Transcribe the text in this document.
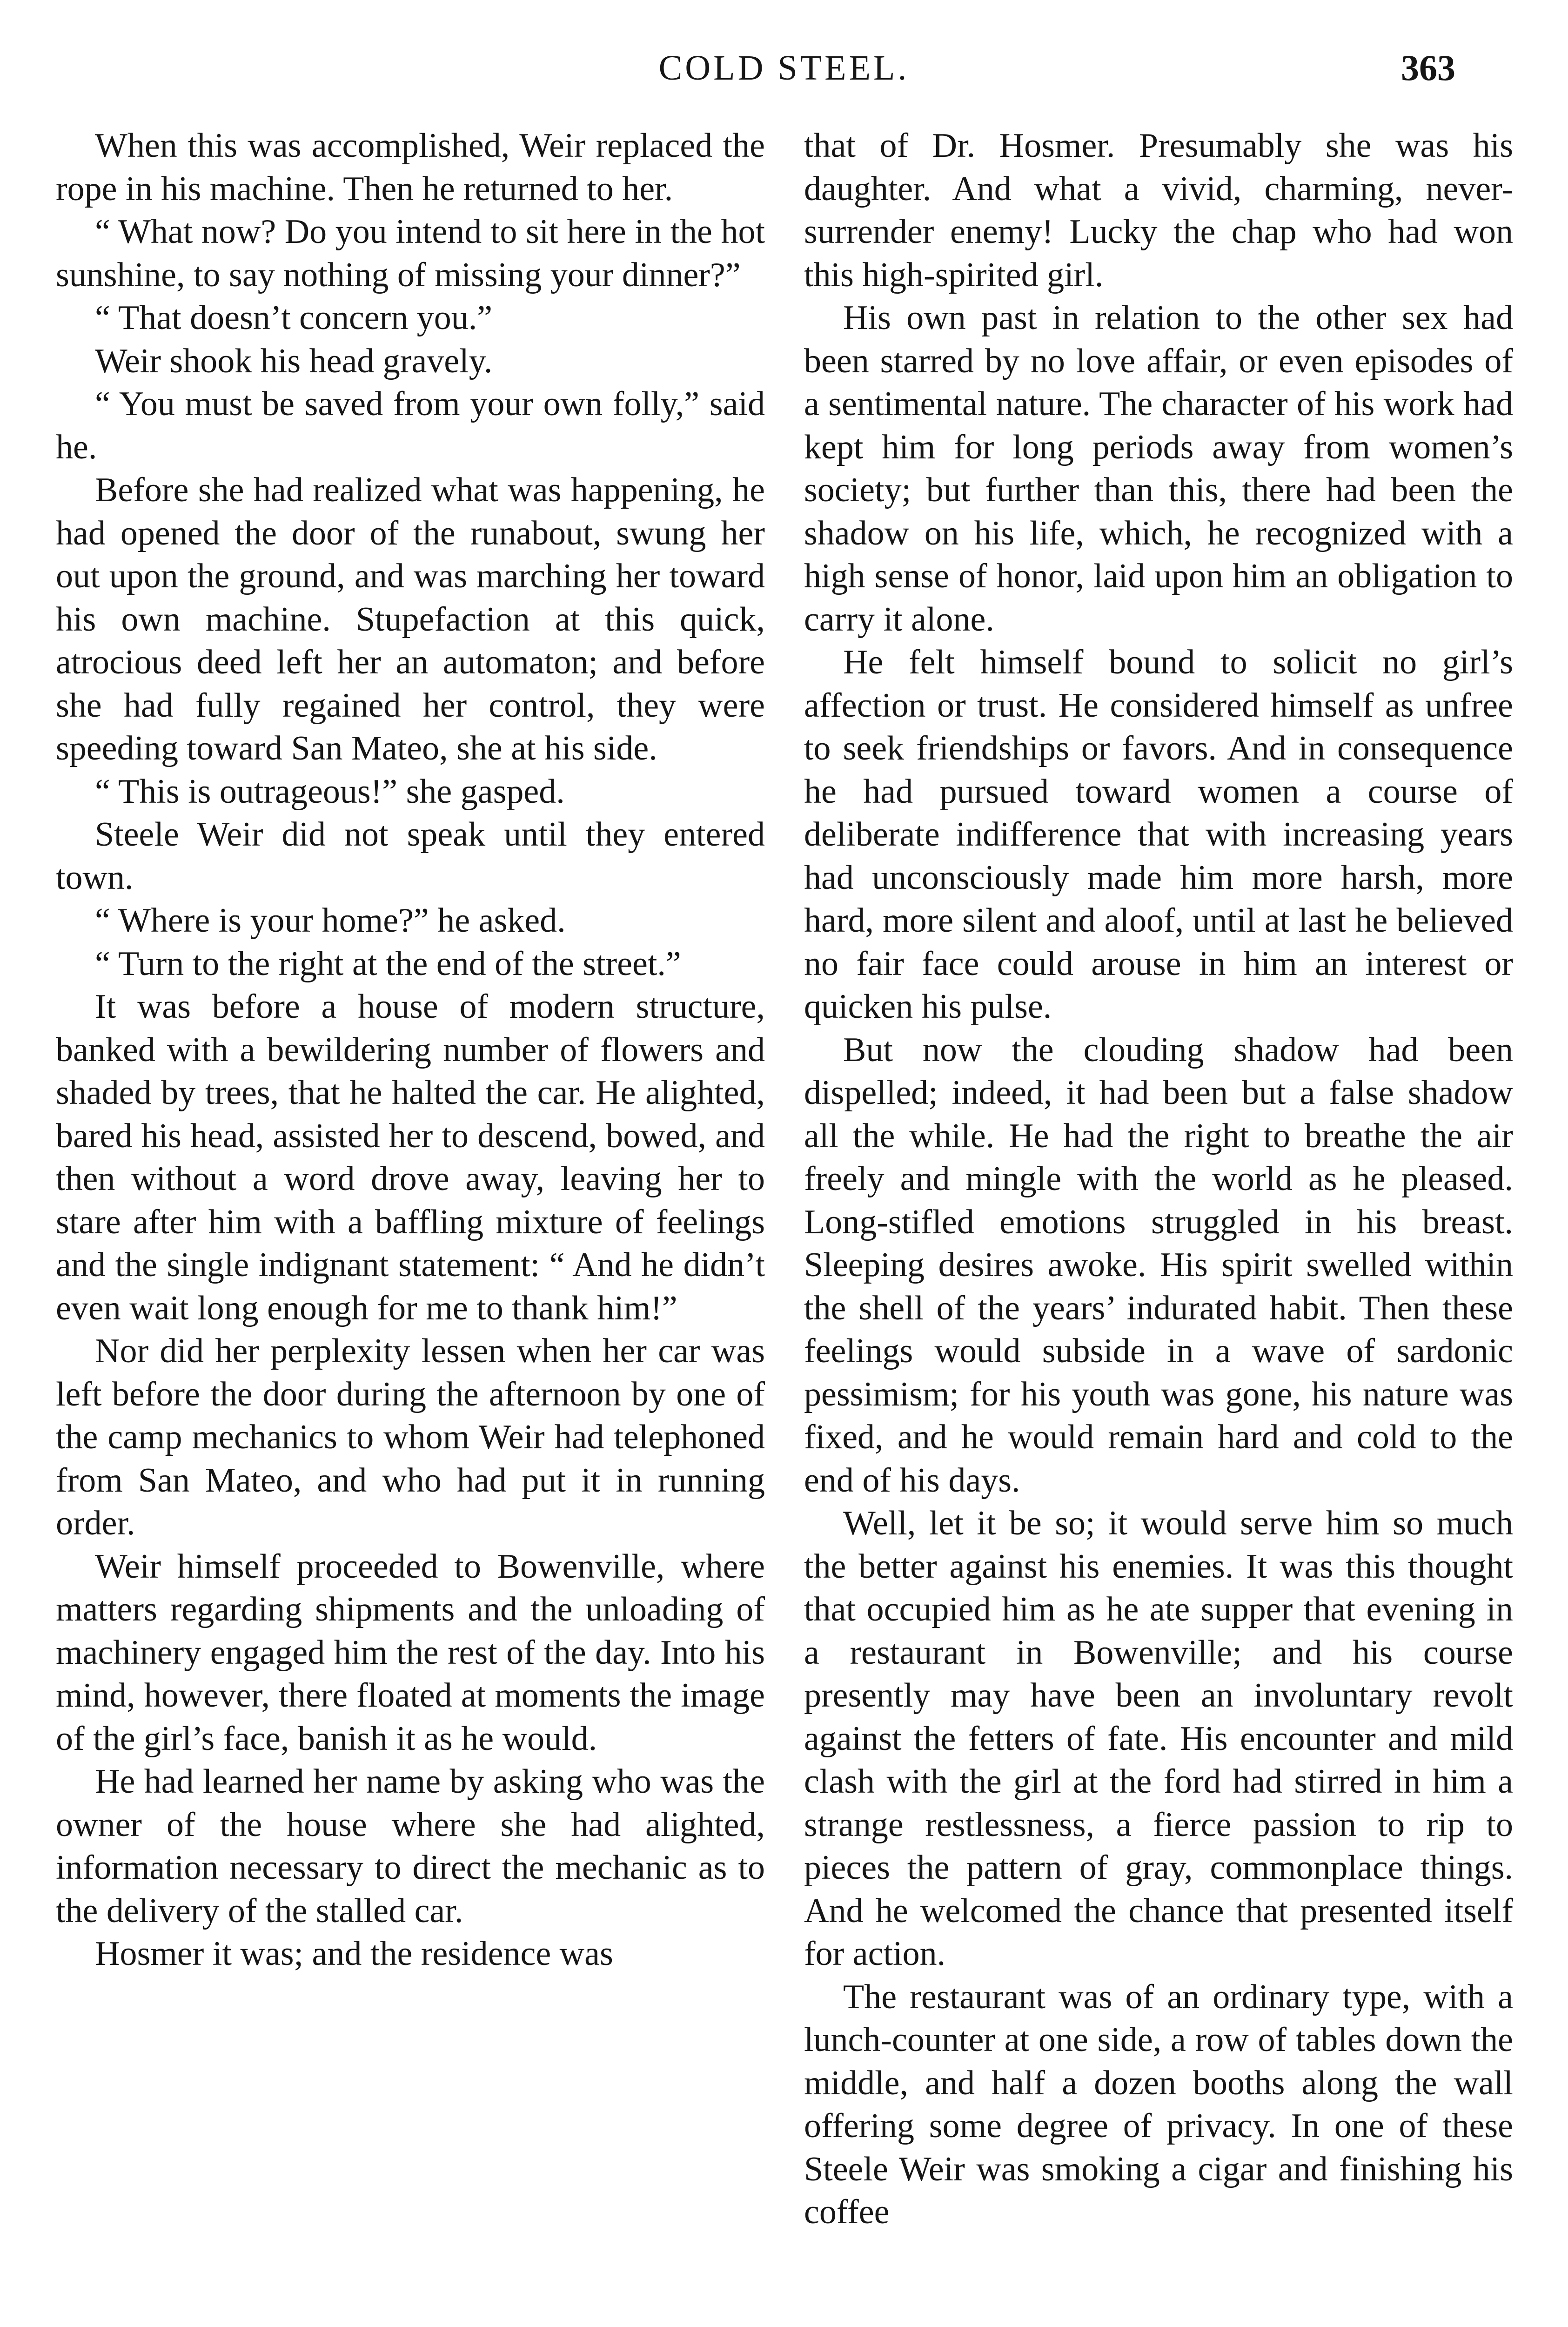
COLD STEEL.	363

When this was accomplished, Weir replaced the rope in his machine. Then he returned to her.

“ What now? Do you intend to sit here in the hot sunshine, to say nothing of missing your dinner?”

“ That doesn’t concern you.”

Weir shook his head gravely.

“ You must be saved from your own folly,” said he.

Before she had realized what was happening, he had opened the door of the runabout, swung her out upon the ground, and was marching her toward his own machine. Stupefaction at this quick, atrocious deed left her an automaton; and before she had fully regained her control, they were speeding toward San Mateo, she at his side.

“ This is outrageous!” she gasped.

Steele Weir did not speak until they entered town.

“ Where is your home?” he asked.

“ Turn to the right at the end of the street.”

It was before a house of modern structure, banked with a bewildering number of flowers and shaded by trees, that he halted the car. He alighted, bared his head, assisted her to descend, bowed, and then without a word drove away, leaving her to stare after him with a baffling mixture of feelings and the single indignant statement: “ And he didn’t even wait long enough for me to thank him!”

Nor did her perplexity lessen when her car was left before the door during the afternoon by one of the camp mechanics to whom Weir had telephoned from San Mateo, and who had put it in running order.

Weir himself proceeded to Bowenville, where matters regarding shipments and the unloading of machinery engaged him the rest of the day. Into his mind, however, there floated at moments the image of the girl’s face, banish it as he would.

He had learned her name by asking who was the owner of the house where she had alighted, information necessary to direct the mechanic as to the delivery of the stalled car.

Hosmer it was; and the residence was

that of Dr. Hosmer. Presumably she was his daughter. And what a vivid, charming, never-surrender enemy! Lucky the chap who had won this high-spirited girl.

His own past in relation to the other sex had been starred by no love affair, or even episodes of a sentimental nature. The character of his work had kept him for long periods away from women’s society; but further than this, there had been the shadow on his life, which, he recognized with a high sense of honor, laid upon him an obligation to carry it alone.

He felt himself bound to solicit no girl’s affection or trust. He considered himself as unfree to seek friendships or favors. And in consequence he had pursued toward women a course of deliberate indifference that with increasing years had unconsciously made him more harsh, more hard, more silent and aloof, until at last he believed no fair face could arouse in him an interest or quicken his pulse.

But now the clouding shadow had been dispelled; indeed, it had been but a false shadow all the while. He had the right to breathe the air freely and mingle with the world as he pleased. Long-stifled emotions struggled in his breast. Sleeping desires awoke. His spirit swelled within the shell of the years’ indurated habit. Then these feelings would subside in a wave of sardonic pessimism; for his youth was gone, his nature was fixed, and he would remain hard and cold to the end of his days.

Well, let it be so; it would serve him so much the better against his enemies. It was this thought that occupied him as he ate supper that evening in a restaurant in Bowenville; and his course presently may have been an involuntary revolt against the fetters of fate. His encounter and mild clash with the girl at the ford had stirred in him a strange restlessness, a fierce passion to rip to pieces the pattern of gray, commonplace things. And he welcomed the chance that presented itself for action.

The restaurant was of an ordinary type, with a lunch-counter at one side, a row of tables down the middle, and half a dozen booths along the wall offering some degree of privacy. In one of these Steele Weir was smoking a cigar and finishing his coffee
